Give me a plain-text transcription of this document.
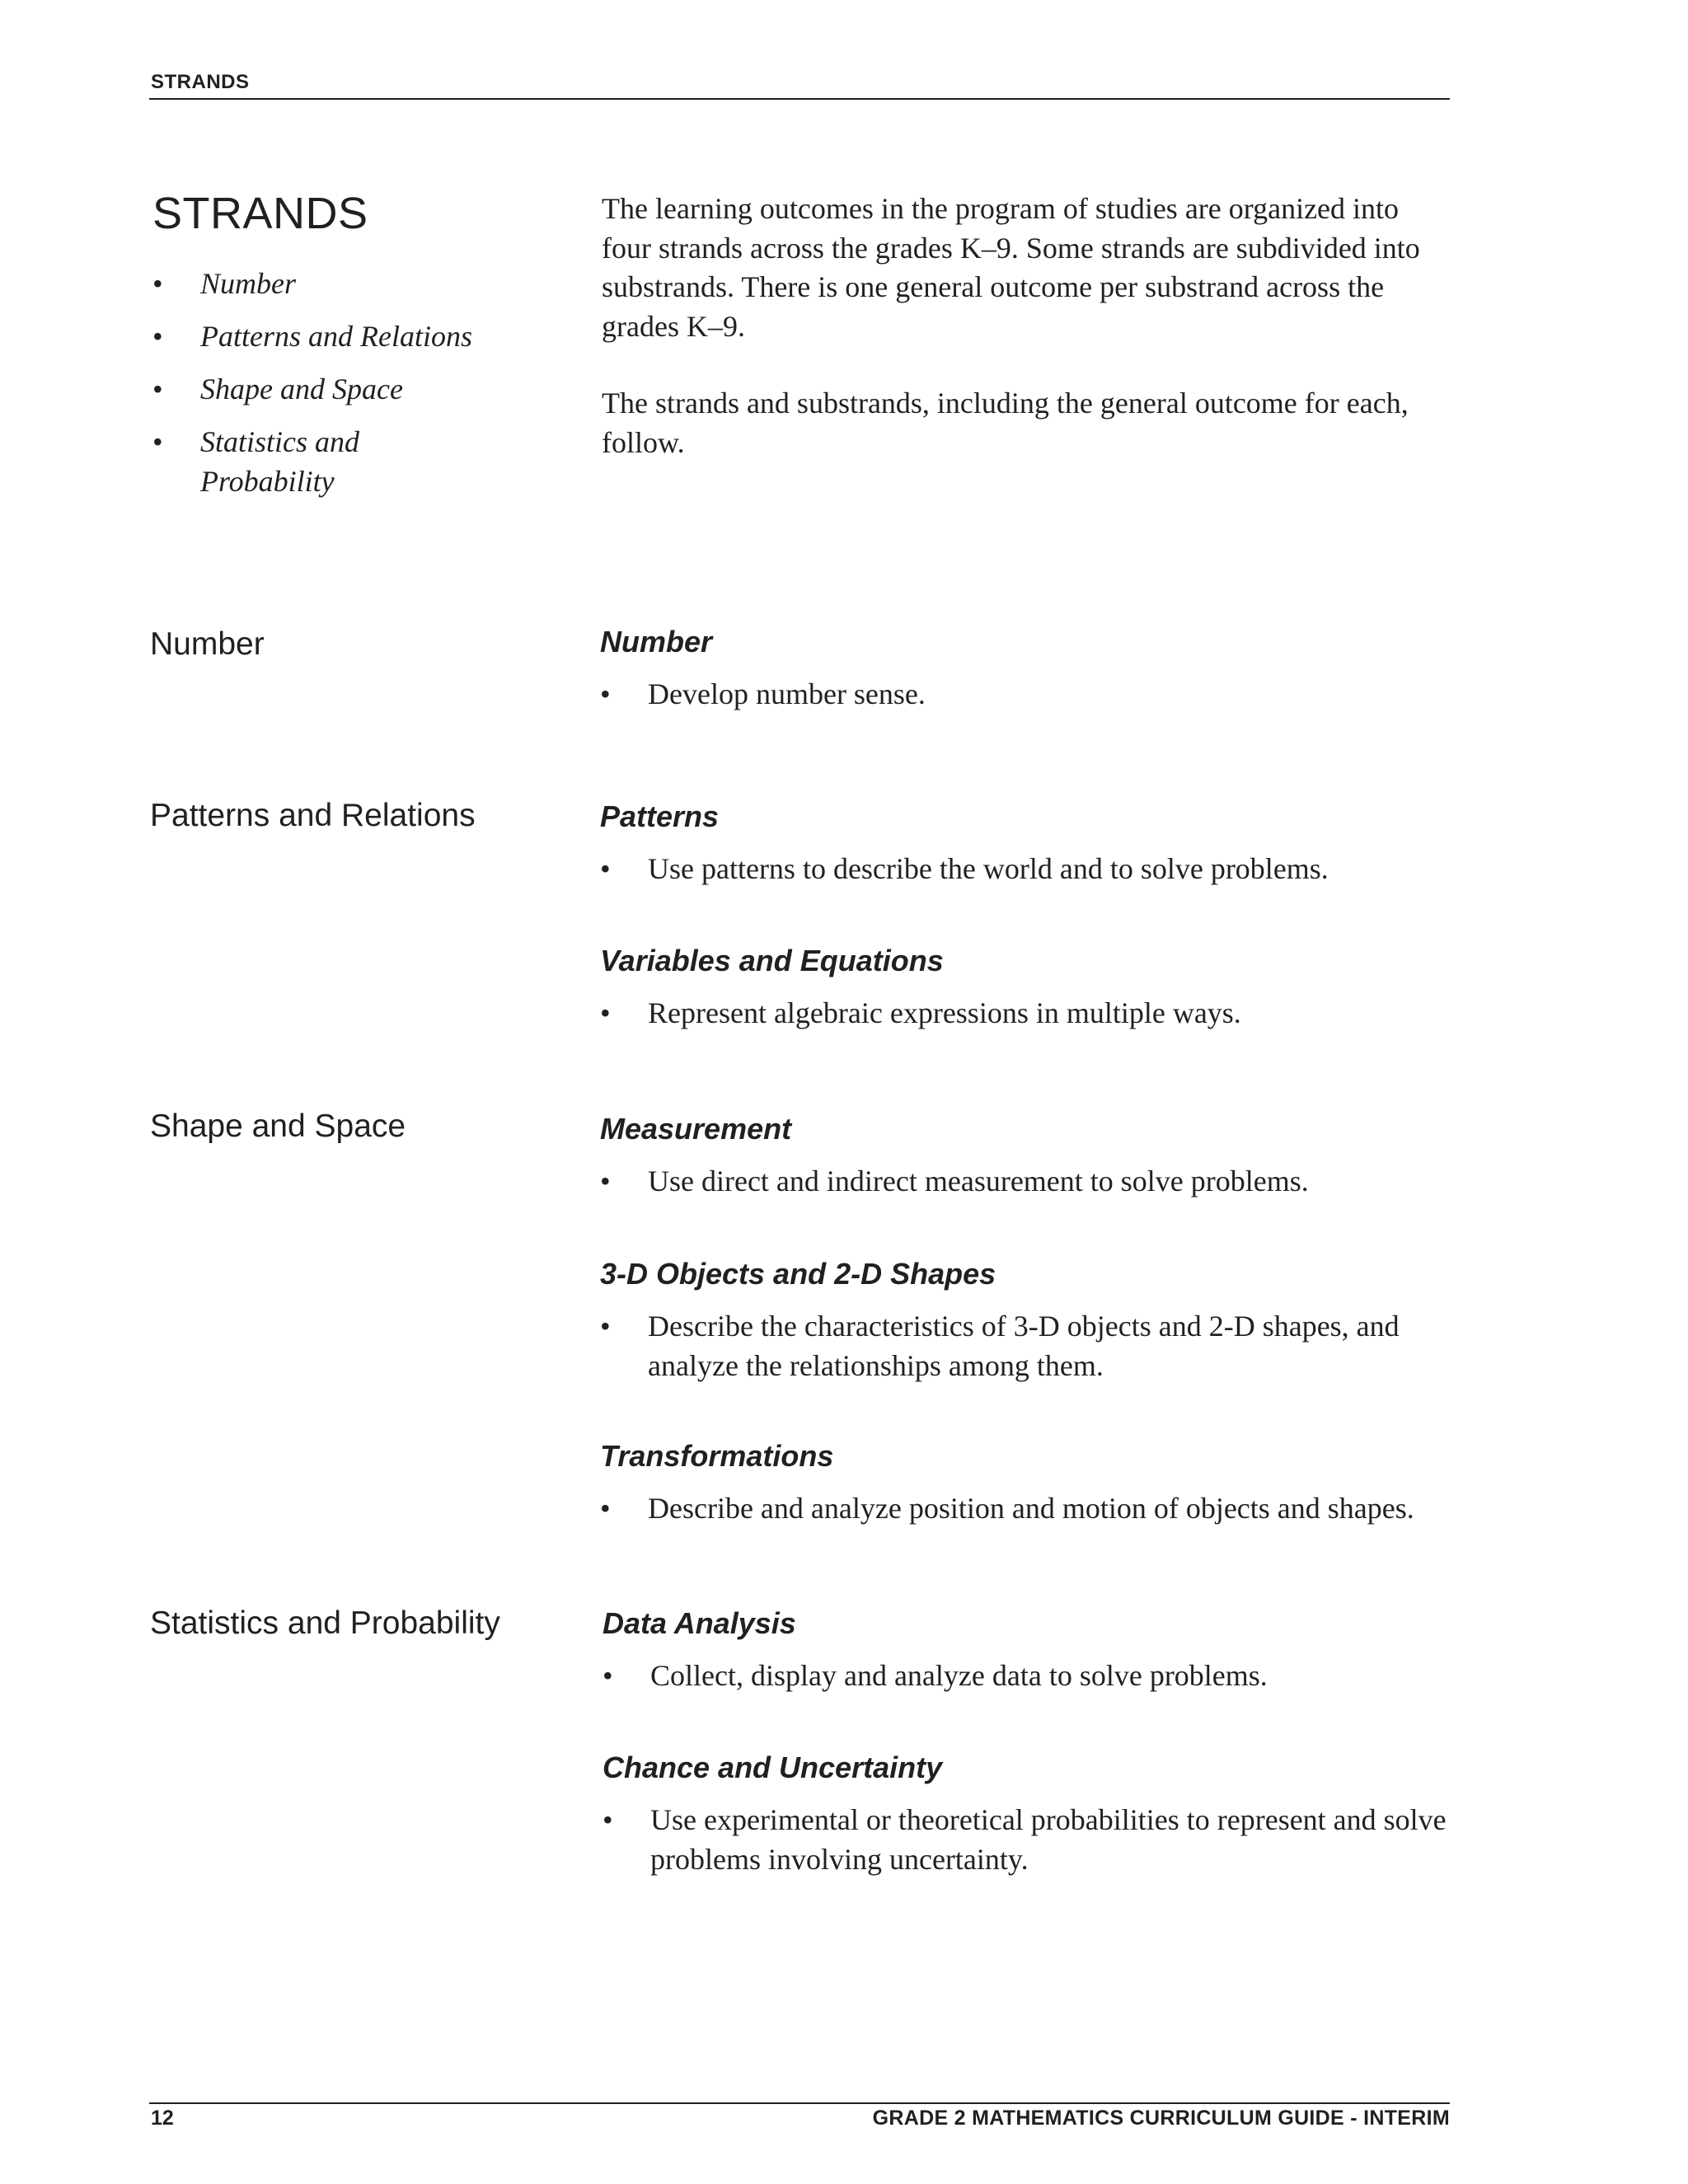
STRANDS
STRANDS
• Number
• Patterns and Relations
• Shape and Space
• Statistics and Probability

The learning outcomes in the program of studies are organized into four strands across the grades K–9. Some strands are subdivided into substrands. There is one general outcome per substrand across the grades K–9.

The strands and substrands, including the general outcome for each, follow.

Number	Number
• Develop number sense.
Patterns and Relations	Patterns
• Use patterns to describe the world and to solve problems.
Variables and Equations
• Represent algebraic expressions in multiple ways.
Shape and Space	Measurement
• Use direct and indirect measurement to solve problems.
3-D Objects and 2-D Shapes
• Describe the characteristics of 3-D objects and 2-D shapes, and analyze the relationships among them.
Transformations
• Describe and analyze position and motion of objects and shapes.
Statistics and Probability	Data Analysis
• Collect, display and analyze data to solve problems.
Chance and Uncertainty
• Use experimental or theoretical probabilities to represent and solve problems involving uncertainty.
12	GRADE 2 MATHEMATICS CURRICULUM GUIDE - INTERIM
